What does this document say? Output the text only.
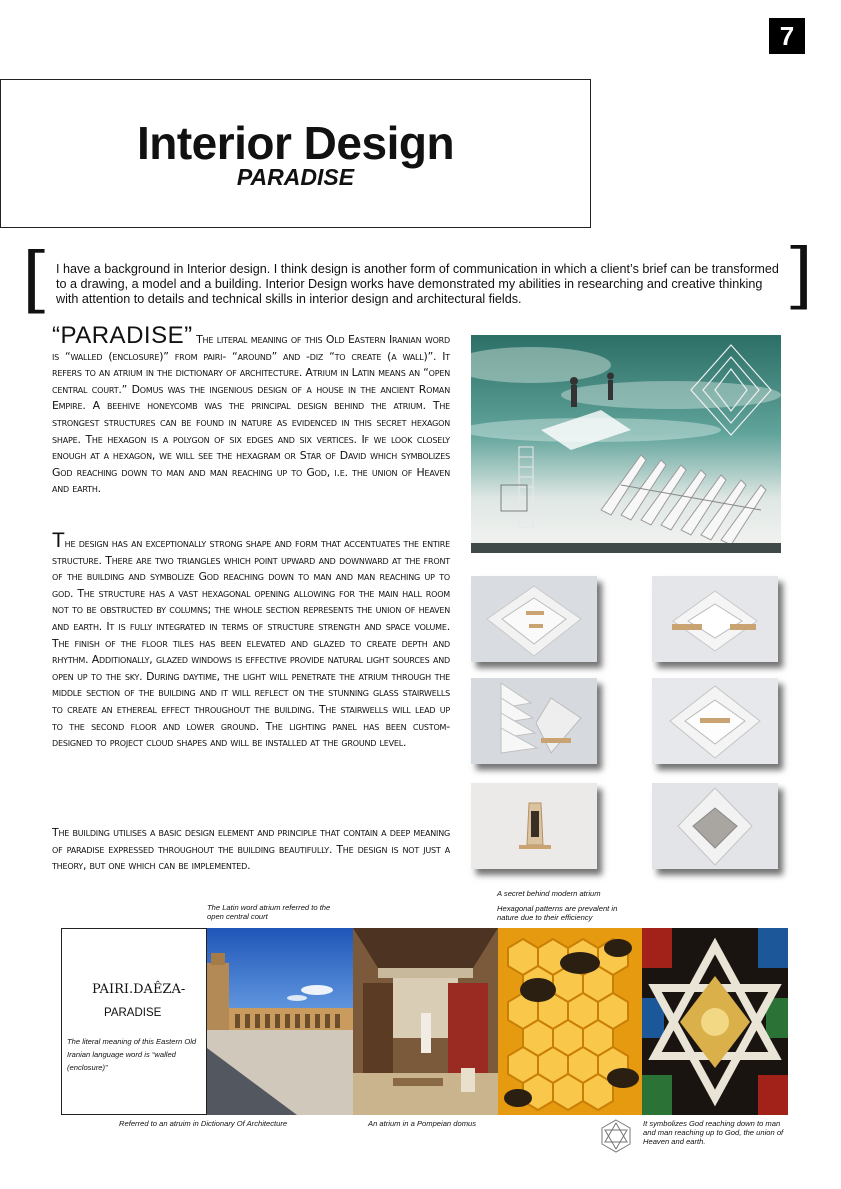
7
Interior Design
PARADISE
[ I have a background in Interior design. I think design is another form of communication in which a client’s brief can be transformed to a drawing, a model and a building. Interior Design works have demonstrated my abilities in researching and creative thinking with attention to details and technical skills in interior design and architectural fields.	]
“PARADISE” The literal meaning of this Old Eastern Iranian word is “walled (enclosure)” from pairi- “around” and -diz “to create (a wall)”. It refers to an atrium in the dictionary of architecture. Atrium in Latin means an “open central court.” Domus was the ingenious design of a house in the ancient Roman Empire. A beehive honeycomb was the principal design behind the atrium. The strongest structures can be found in nature as evidenced in this secret hexagon shape. The hexagon is a polygon of six edges and six vertices. If we look closely enough at a hexagon, we will see the hexagram or Star of David which symbolizes God reaching down to man and man reaching up to God, i.e. the union of Heaven and earth.
The design has an exceptionally strong shape and form that accentuates the entire structure. There are two triangles which point upward and downward at the front of the building and symbolize God reaching down to man and man reaching up to god. The structure has a vast hexagonal opening allowing for the main hall room not to be obstructed by columns; the whole section represents the union of heaven and earth. It is fully integrated in terms of structure strength and space volume. The finish of the floor tiles has been elevated and glazed to create depth and rhythm. Additionally, glazed windows is effective provide natural light sources and open up to the sky. During daytime, the light will penetrate the atrium through the middle section of the building and it will reflect on the stunning glass stairwells to create an ethereal effect throughout the building. The stairwells will lead up to the second floor and lower ground. The lighting panel has been custom-designed to project cloud shapes and will be installed at the ground level.
The building utilises a basic design element and principle that contain a deep meaning of paradise expressed throughout the building beautifully. The design is not just a theory, but one which can be implemented.
A secret behind modern atrium
Hexagonal patterns are prevalent in nature due to their efficiency
The Latin word atrium referred to the open central court
PAIRI.DAÊZA-
PARADISE
The literal meaning of this Eastern Old Iranian language word is “walled (enclosure)”
Referred to an atruim in Dictionary Of Architecture	An atrium in a Pompeian domus	It symbolizes God reaching down to man and man reaching up to God, the union of Heaven and earth.
